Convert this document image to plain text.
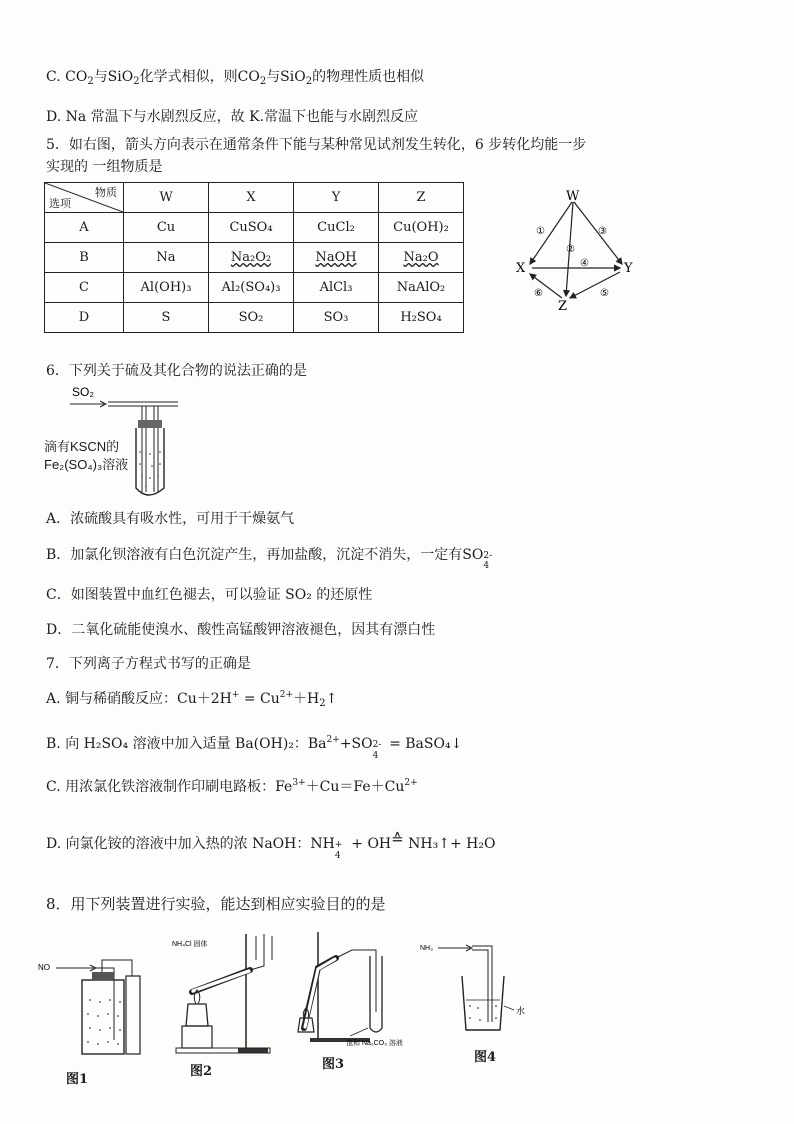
C. $CO_2$与SiO$_2$化学式相似，则$CO_2$与SiO$_2$的物理性质也相似
D. Na 常温下与水剧烈反应，故 K.常温下也能与水剧烈反应
5．如右图，箭头方向表示在通常条件下能与某种常见试剂发生转化，6 步转化均能一步
实现的 一组物质是
物质
选项	W	X	Y	Z
A	Cu	CuSO₄	CuCl₂	Cu(OH)₂
B	Na	Na₂O₂	NaOH	Na₂O
C	Al(OH)₃	Al₂(SO₄)₃	AlCl₃	NaAlO₂
D	S	SO₂	SO₃	H₂SO₄
W
X	Y
Z
①
②
③
④
⑤
⑥
6．下列关于硫及其化合物的说法正确的是
SO₂
滴有KSCN的
Fe₂(SO₄)₃溶液
A．浓硫酸具有吸水性，可用于干燥氨气
B．加氯化钡溶液有白色沉淀产生，再加盐酸，沉淀不消失，一定有SO 2-
4
C．如图装置中血红色褪去，可以验证 SO₂ 的还原性
D．二氧化硫能使溴水、酸性高锰酸钾溶液褪色，因其有漂白性
7．下列离子方程式书写的正确是
A. 铜与稀硝酸反应：$Cu+2H^+ = Cu^{2+}+H_2↑$
B. 向 H₂SO₄ 溶液中加入适量 Ba(OH)₂：$Ba^{2+}+SO$ 2-
4
= BaSO₄↓
C. 用浓氯化铁溶液制作印刷电路板：$Fe^{3+}+Cu=Fe+Cu^{2+}$
D. 向氯化铵的溶液中加入热的浓 NaOH：NH +
4
+ OH≙ NH₃↑+ H₂O
8．用下列装置进行实验，能达到相应实验目的的是
NO
图1
NH₄Cl 固体
图2
饱和 Na₂CO₃ 溶液
图3
NH₃
水
图4
